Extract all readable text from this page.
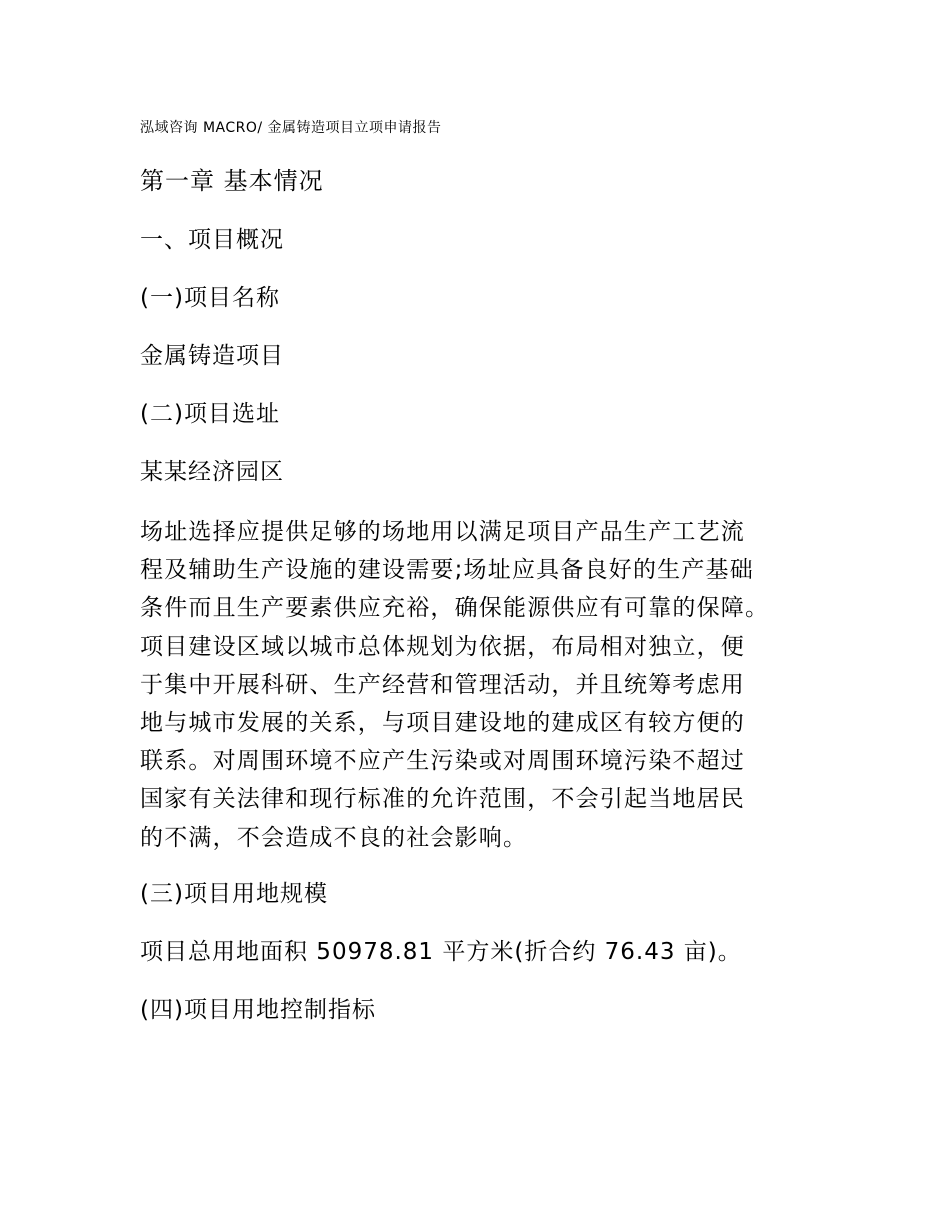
泓域咨询 MACRO/ 金属铸造项目立项申请报告
第一章 基本情况
一、项目概况
(一)项目名称
金属铸造项目
(二)项目选址
某某经济园区
场址选择应提供足够的场地用以满足项目产品生产工艺流
程及辅助生产设施的建设需要;场址应具备良好的生产基础
条件而且生产要素供应充裕，确保能源供应有可靠的保障。
项目建设区域以城市总体规划为依据，布局相对独立，便
于集中开展科研、生产经营和管理活动，并且统筹考虑用
地与城市发展的关系，与项目建设地的建成区有较方便的
联系。对周围环境不应产生污染或对周围环境污染不超过
国家有关法律和现行标准的允许范围，不会引起当地居民
的不满，不会造成不良的社会影响。
(三)项目用地规模
项目总用地面积 50978.81 平方米(折合约 76.43 亩)。
(四)项目用地控制指标
